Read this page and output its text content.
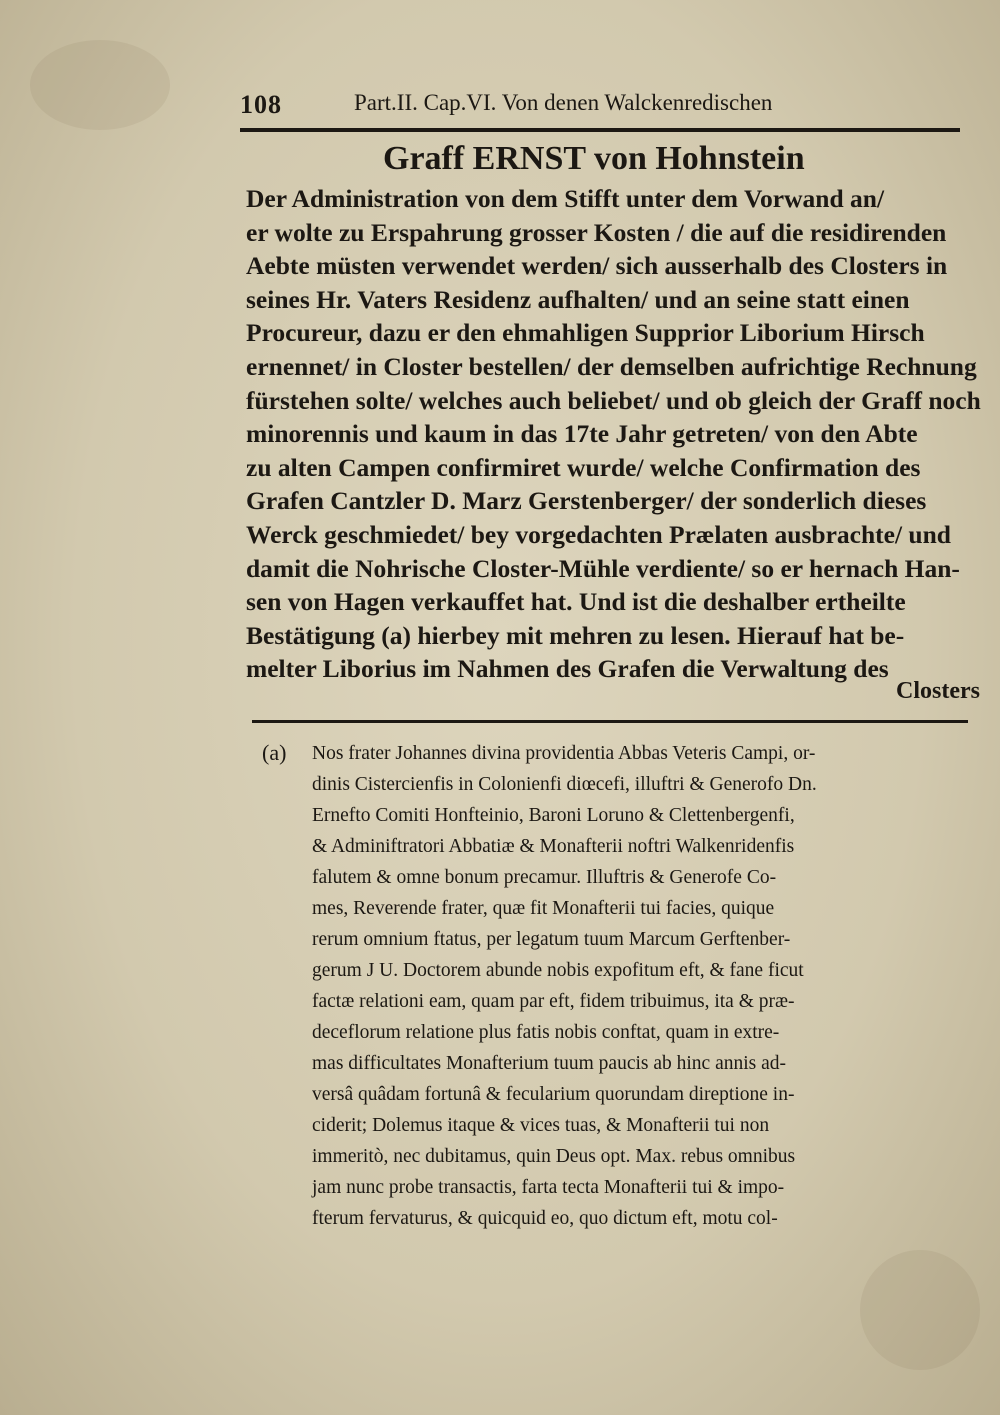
108	Part.II. Cap.VI. Von denen Walckenredischen
Graff ERNST von Hohnstein
Der Administration von dem Stifft unter dem Vorwand an/
er wolte zu Erspahrung grosser Kosten / die auf die residirenden
Aebte müsten verwendet werden/ sich ausserhalb des Closters in
seines Hr. Vaters Residenz aufhalten/ und an seine statt einen
Procureur, dazu er den ehmahligen Supprior Liborium Hirsch
ernennet/ in Closter bestellen/ der demselben aufrichtige Rechnung
fürstehen solte/ welches auch beliebet/ und ob gleich der Graff noch
minorennis und kaum in das 17te Jahr getreten/ von den Abte
zu alten Campen confirmiret wurde/ welche Confirmation des
Grafen Cantzler D. Marz Gerstenberger/ der sonderlich dieses
Werck geschmiedet/ bey vorgedachten Prælaten ausbrachte/ und
damit die Nohrische Closter-Mühle verdiente/ so er hernach Han-
sen von Hagen verkauffet hat. Und ist die deshalber ertheilte
Bestätigung (a) hierbey mit mehren zu lesen. Hierauf hat be-
melter Liborius im Nahmen des Grafen die Verwaltung des
Closters
(a) Nos frater Johannes divina providentia Abbas Veteris Campi, or-
dinis Cistercienfis in Colonienfi diœcefi, illuftri & Generofo Dn.
Ernefto Comiti Honfteinio, Baroni Loruno & Clettenbergenfi,
& Adminiftratori Abbatiæ & Monafterii noftri Walkenridenfis
falutem & omne bonum precamur. Illuftris & Generofe Co-
mes, Reverende frater, quæ fit Monafterii tui facies, quique
rerum omnium ftatus, per legatum tuum Marcum Gerftenber-
gerum J U. Doctorem abunde nobis expofitum eft, & fane ficut
factæ relationi eam, quam par eft, fidem tribuimus, ita & præ-
deceflorum relatione plus fatis nobis conftat, quam in extre-
mas difficultates Monafterium tuum paucis ab hinc annis ad-
versâ quâdam fortunâ & fecularium quorundam direptione in-
ciderit; Dolemus itaque & vices tuas, & Monafterii tui non
immeritò, nec dubitamus, quin Deus opt. Max. rebus omnibus
jam nunc probe transactis, farta tecta Monafterii tui & impo-
fterum fervaturus, & quicquid eo, quo dictum eft, motu col-
